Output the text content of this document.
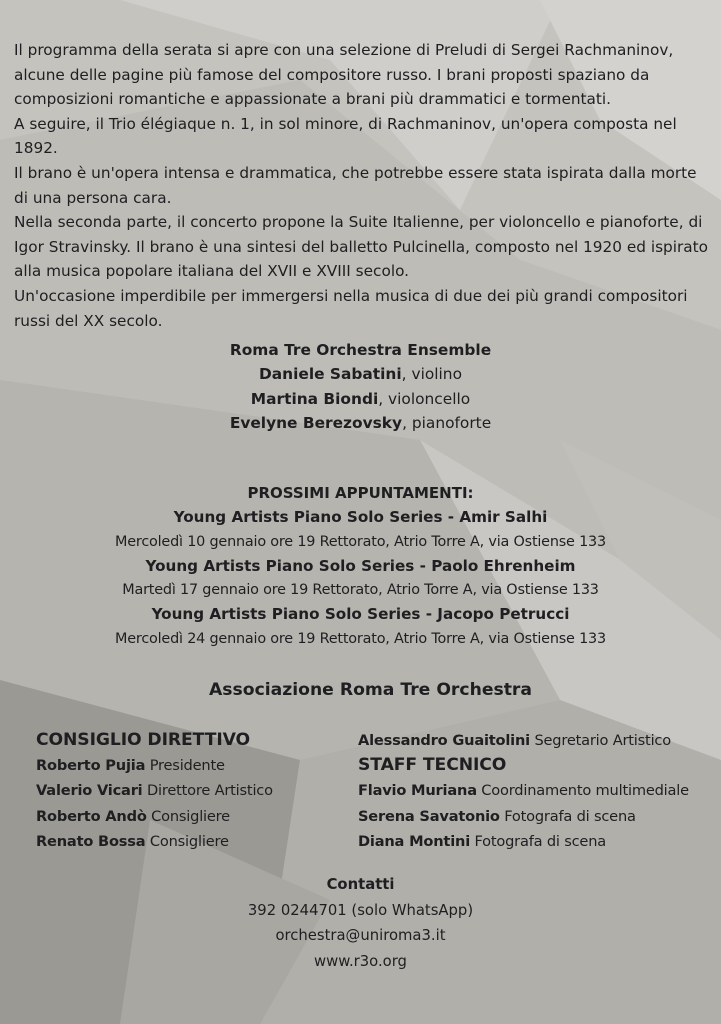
Il programma della serata si apre con una selezione di Preludi di Sergei Rachmaninov, alcune delle pagine più famose del compositore russo. I brani proposti spaziano da composizioni romantiche e appassionate a brani più drammatici e tormentati.

A seguire, il Trio élégiaque n. 1, in sol minore, di Rachmaninov, un'opera composta nel 1892.

Il brano è un'opera intensa e drammatica, che potrebbe essere stata ispirata dalla morte di una persona cara.

Nella seconda parte, il concerto propone la Suite Italienne, per violoncello e pianoforte, di Igor Stravinsky. Il brano è una sintesi del balletto Pulcinella, composto nel 1920 ed ispirato alla musica popolare italiana del XVII e XVIII secolo.

Un'occasione imperdibile per immergersi nella musica di due dei più grandi compositori russi del XX secolo.

Roma Tre Orchestra Ensemble
Daniele Sabatini, violino
Martina Biondi, violoncello
Evelyne Berezovsky, pianoforte
PROSSIMI APPUNTAMENTI:
Young Artists Piano Solo Series - Amir Salhi
Mercoledì 10 gennaio ore 19 Rettorato, Atrio Torre A, via Ostiense 133
Young Artists Piano Solo Series - Paolo Ehrenheim
Martedì 17 gennaio ore 19 Rettorato, Atrio Torre A, via Ostiense 133
Young Artists Piano Solo Series - Jacopo Petrucci
Mercoledì 24 gennaio ore 19 Rettorato, Atrio Torre A, via Ostiense 133
Associazione Roma Tre Orchestra
CONSIGLIO DIRETTIVO
Roberto Pujia Presidente
Valerio Vicari Direttore Artistico
Roberto Andò Consigliere
Renato Bossa Consigliere
Alessandro Guaitolini Segretario Artistico
STAFF TECNICO
Flavio Muriana Coordinamento multimediale
Serena Savatonio Fotografa di scena
Diana Montini Fotografa di scena
Contatti
392 0244701 (solo WhatsApp)
orchestra@uniroma3.it
www.r3o.org
